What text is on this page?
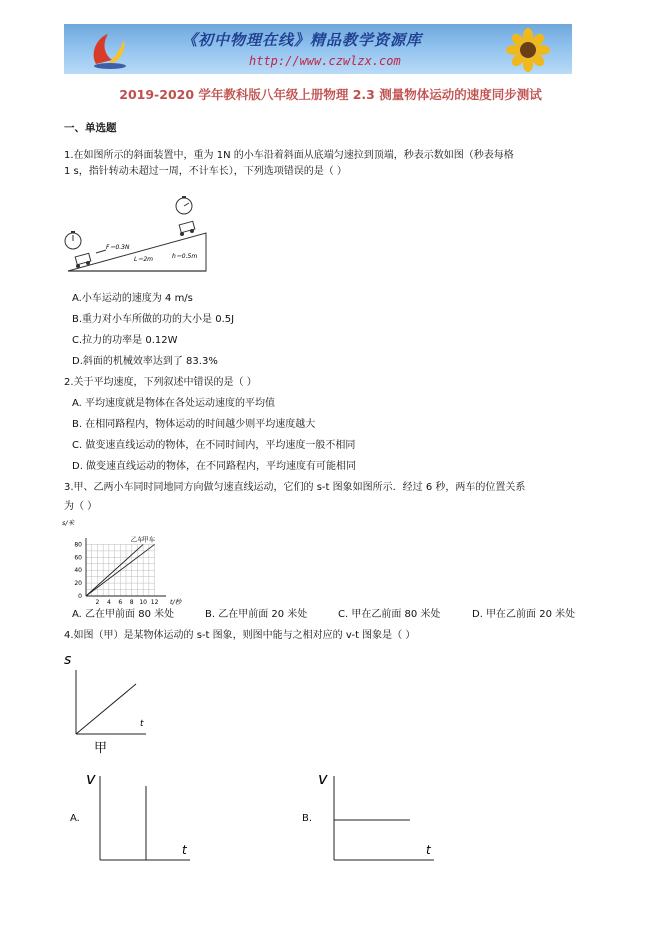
《初中物理在线》精品教学资源库
http://www.czwlzx.com
2019-2020 学年教科版八年级上册物理 2.3 测量物体运动的速度同步测试
一、单选题
1.在如图所示的斜面装置中，重为 1N 的小车沿着斜面从底端匀速拉到顶端，秒表示数如图（秒表每格
1 s，指针转动未超过一周，不计车长），下列选项错误的是（ ）
F＝0.3N
L＝2m	h＝0.5m
A.小车运动的速度为 4 m/s
B.重力对小车所做的功的大小是 0.5J
C.拉力的功率是 0.12W
D.斜面的机械效率达到了 83.3%
2.关于平均速度，下列叙述中错误的是（ ）
A. 平均速度就是物体在各处运动速度的平均值
B. 在相同路程内，物体运动的时间越少则平均速度越大
C. 做变速直线运动的物体，在不同时间内，平均速度一般不相同
D. 做变速直线运动的物体，在不同路程内，平均速度有可能相同
3.甲、乙两小车同时同地同方向做匀速直线运动，它们的 s-t 图象如图所示．经过 6 秒，两车的位置关系
为（ ）
80
60
40
20
0
2 4 6 8 10 12
乙车
甲车
s/米
t/秒
A. 乙在甲前面 80 米处	B. 乙在甲前面 20 米处	C. 甲在乙前面 80 米处	D. 甲在乙前面 20 米处
4.如图（甲）是某物体运动的 s-t 图象，则图中能与之相对应的 v-t 图象是（ ）
s
t
甲
v
t
A.
v
t
B.
